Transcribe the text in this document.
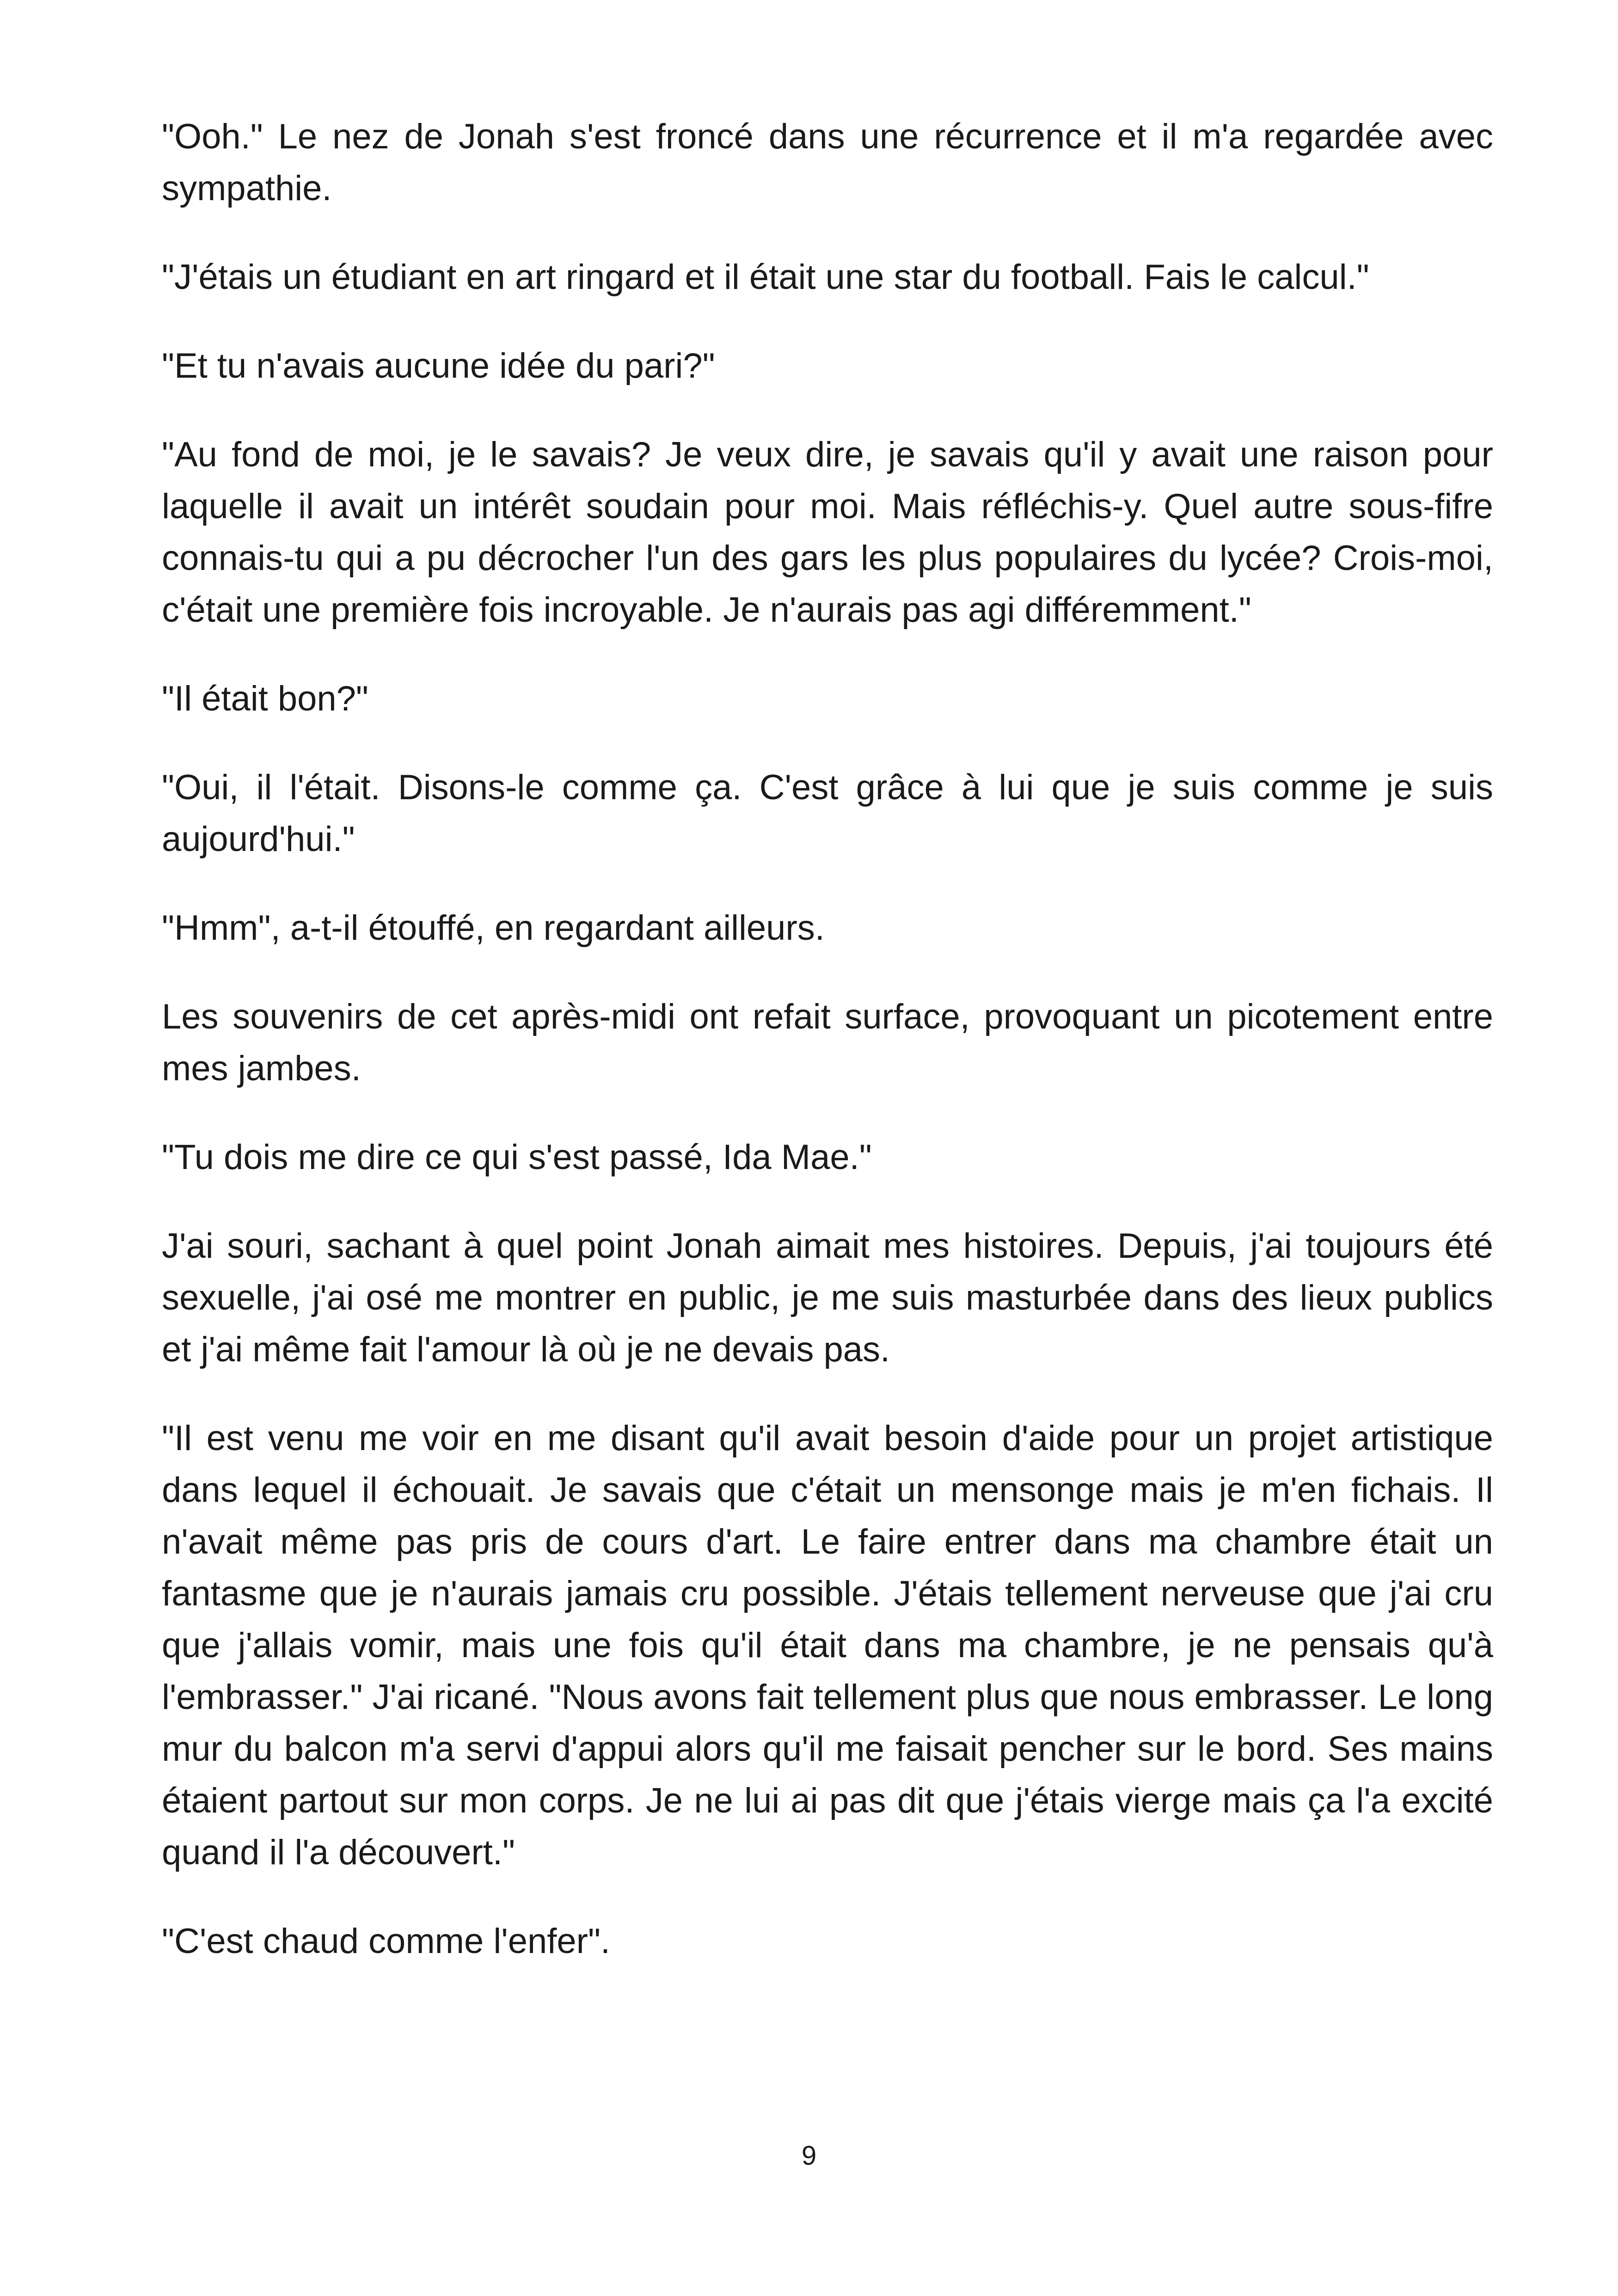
"Ooh." Le nez de Jonah s'est froncé dans une récurrence et il m'a regardée avec sympathie.

"J'étais un étudiant en art ringard et il était une star du football. Fais le calcul."

"Et tu n'avais aucune idée du pari?"

"Au fond de moi, je le savais? Je veux dire, je savais qu'il y avait une raison pour laquelle il avait un intérêt soudain pour moi. Mais réfléchis-y. Quel autre sous-fifre connais-tu qui a pu décrocher l'un des gars les plus populaires du lycée? Crois-moi, c'était une première fois incroyable. Je n'aurais pas agi différemment."

"Il était bon?"

"Oui, il l'était. Disons-le comme ça. C'est grâce à lui que je suis comme je suis aujourd'hui."

"Hmm", a-t-il étouffé, en regardant ailleurs.

Les souvenirs de cet après-midi ont refait surface, provoquant un picotement entre mes jambes.

"Tu dois me dire ce qui s'est passé, Ida Mae."

J'ai souri, sachant à quel point Jonah aimait mes histoires. Depuis, j'ai toujours été sexuelle, j'ai osé me montrer en public, je me suis masturbée dans des lieux publics et j'ai même fait l'amour là où je ne devais pas.

"Il est venu me voir en me disant qu'il avait besoin d'aide pour un projet artistique dans lequel il échouait. Je savais que c'était un mensonge mais je m'en fichais. Il n'avait même pas pris de cours d'art. Le faire entrer dans ma chambre était un fantasme que je n'aurais jamais cru possible. J'étais tellement nerveuse que j'ai cru que j'allais vomir, mais une fois qu'il était dans ma chambre, je ne pensais qu'à l'embrasser." J'ai ricané. "Nous avons fait tellement plus que nous embrasser. Le long mur du balcon m'a servi d'appui alors qu'il me faisait pencher sur le bord. Ses mains étaient partout sur mon corps. Je ne lui ai pas dit que j'étais vierge mais ça l'a excité quand il l'a découvert."

"C'est chaud comme l'enfer".

9
